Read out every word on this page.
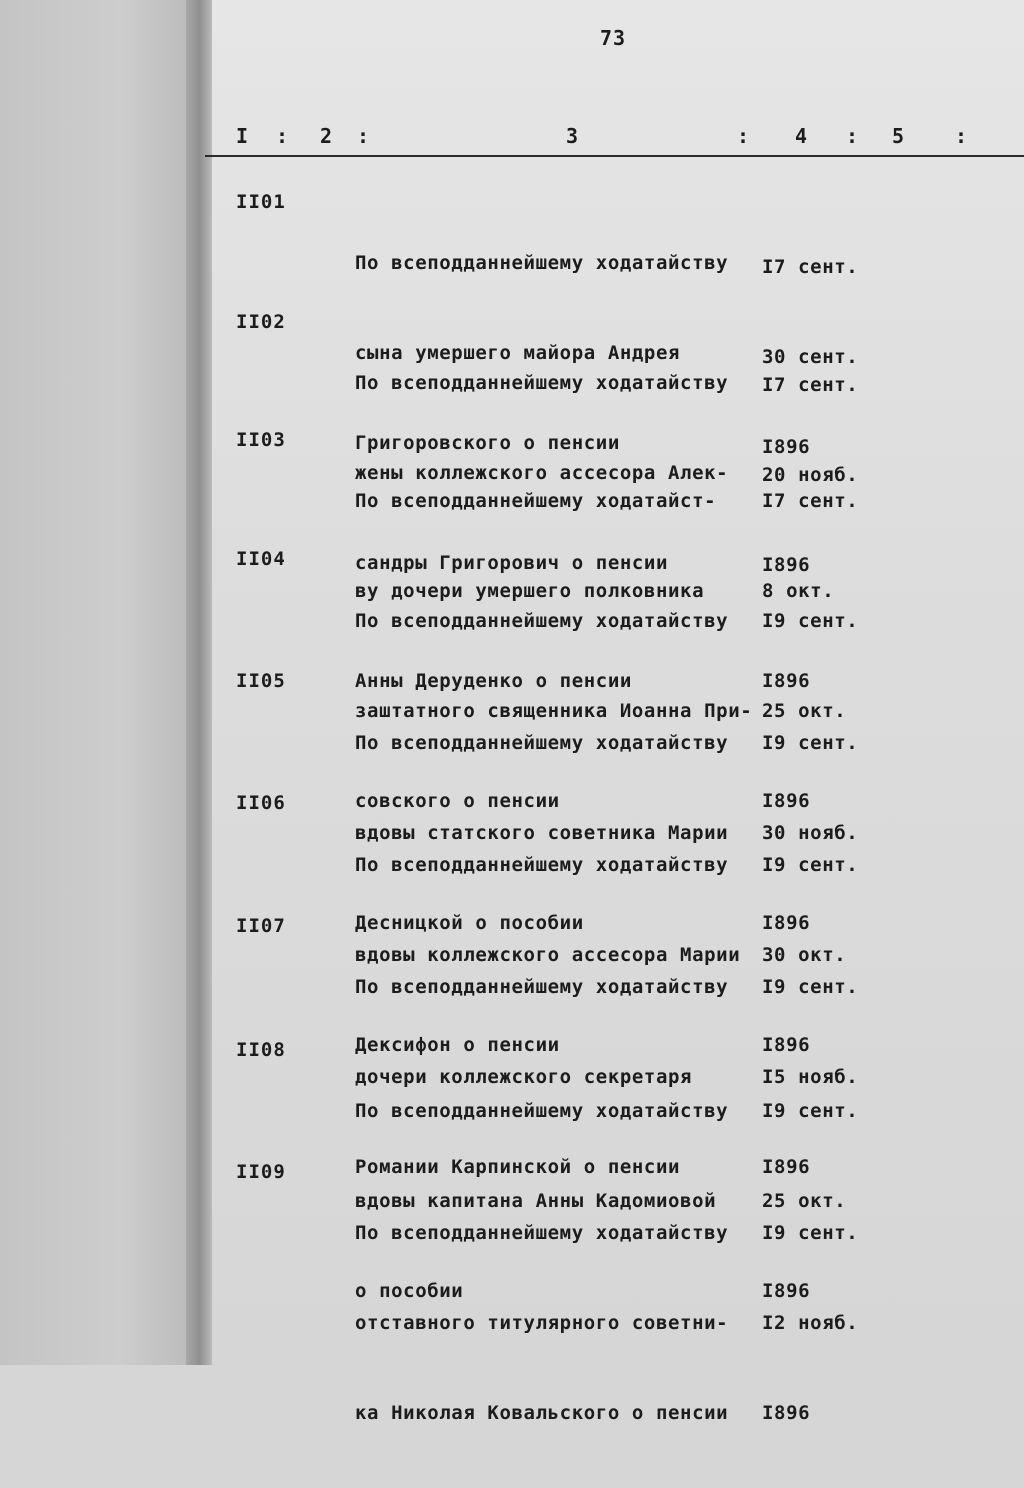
73
I : 2 :	3	: 4 : 5 :
II01

По всеподданнейшему ходатайству

сына умершего майора Андрея

Григоровского о пенсии

I7 сент.

30 сент.

I896

II02

По всеподданнейшему ходатайству

жены коллежского ассесора Алек-

сандры Григорович о пенсии

I7 сент.

20 нояб.

I896

II03

По всеподданнейшему ходатайст-

ву дочери умершего полковника

Анны Деруденко о пенсии

I7 сент.

8 окт.

I896

II04

По всеподданнейшему ходатайству

заштатного священника Иоанна При-

совского о пенсии

I9 сент.

25 окт.

I896

II05

По всеподданнейшему ходатайству

вдовы статского советника Марии

Десницкой о пособии

I9 сент.

30 нояб.

I896

II06

По всеподданнейшему ходатайству

вдовы коллежского ассесора Марии

Дексифон о пенсии

I9 сент.

30 окт.

I896

II07

По всеподданнейшему ходатайству

дочери коллежского секретаря

Романии Карпинской о пенсии

I9 сент.

I5 нояб.

I896

II08

По всеподданнейшему ходатайству

вдовы капитана Анны Кадомиовой

о пособии

I9 сент.

25 окт.

I896

II09

По всеподданнейшему ходатайству

отставного титулярного советни-

ка Николая Ковальского о пенсии

I9 сент.

I2 нояб.

I896
